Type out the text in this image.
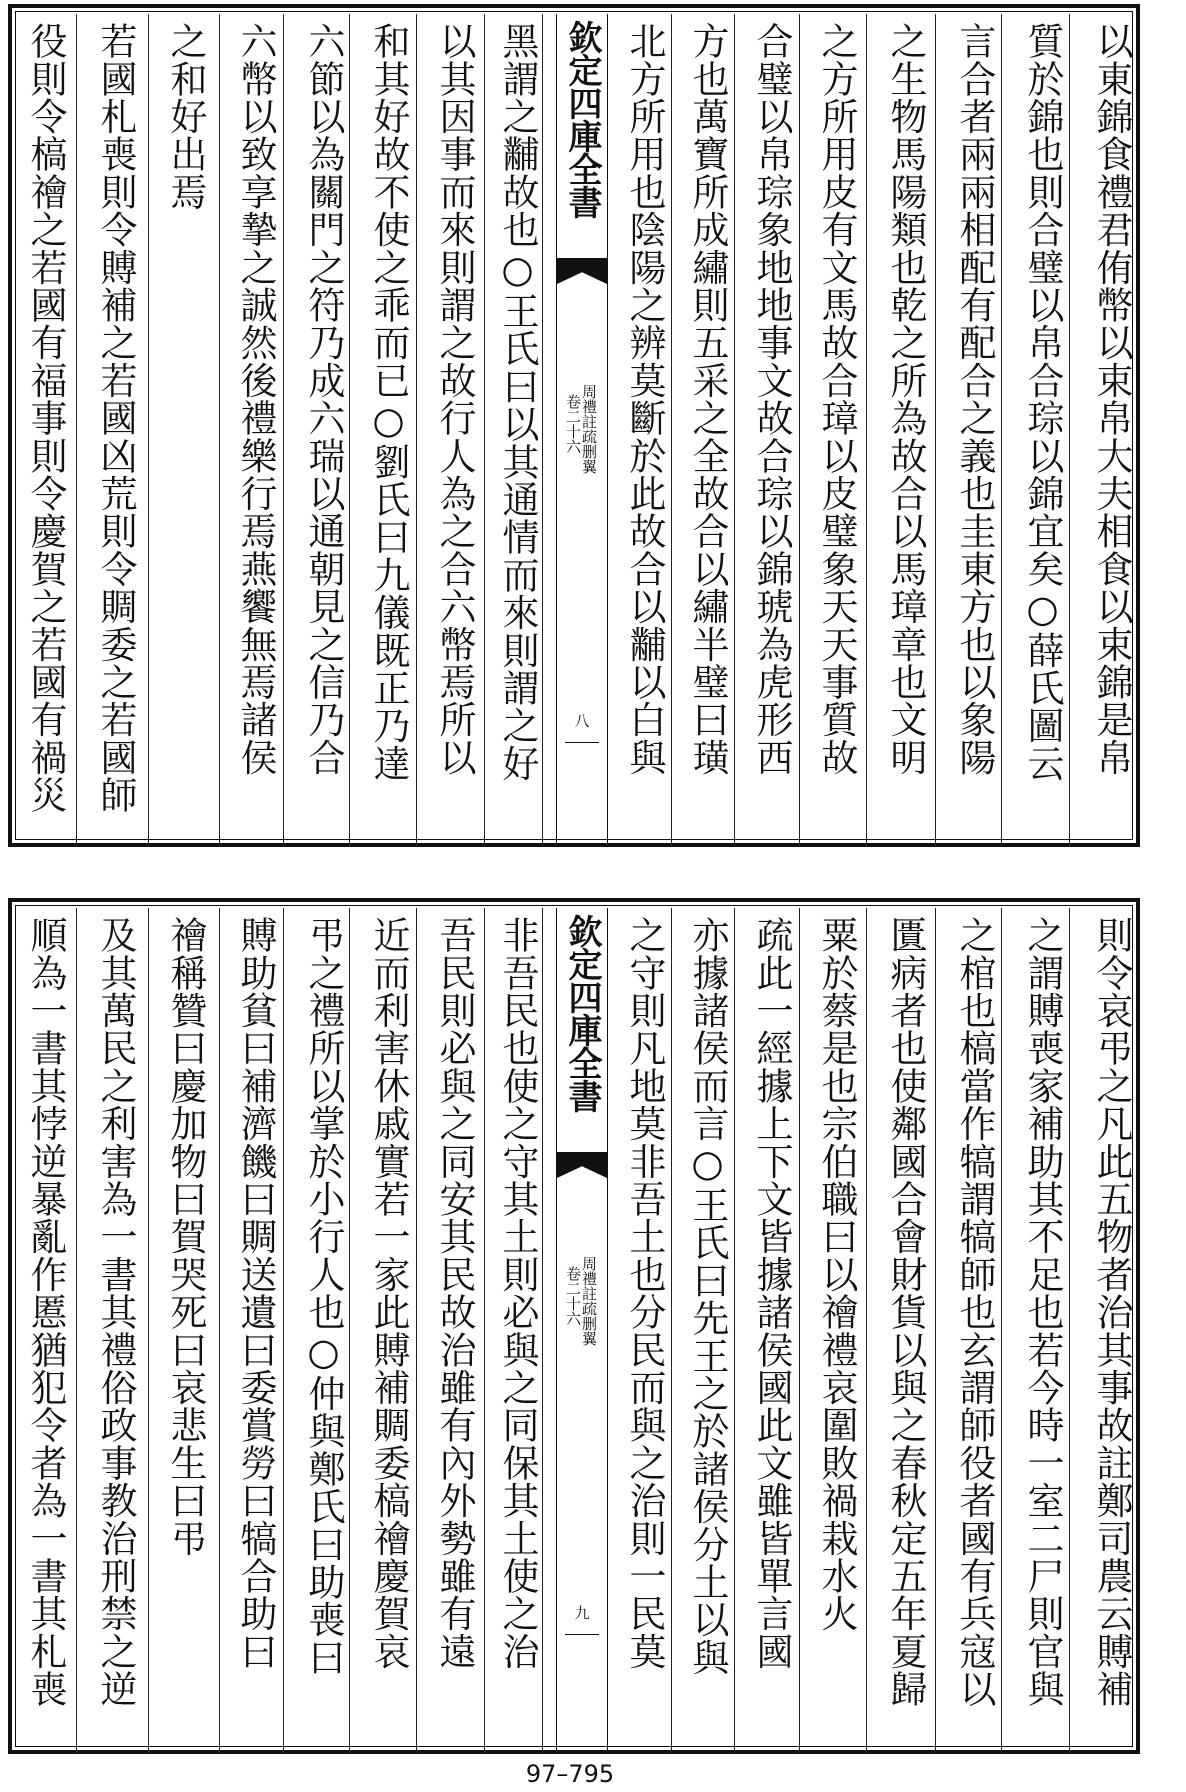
欽定四庫全書
周禮註疏删翼
卷二十六
八	以東錦食禮君侑幣以束帛大夫相食以束錦是帛
質於錦也則合璧以帛合琮以錦宜矣○薛氏圖云
言合者兩兩相配有配合之義也圭東方也以象陽
之生物馬陽類也乾之所為故合以馬璋章也文明
之方所用皮有文馬故合璋以皮璧象天天事質故
合璧以帛琮象地地事文故合琮以錦琥為虎形西
方也萬寶所成繡則五采之全故合以繡半璧曰璜
北方所用也陰陽之辨莫斷於此故合以黼以白與
黑謂之黼故也○王氏曰以其通情而來則謂之好
以其因事而來則謂之故行人為之合六幣焉所以
和其好故不使之乖而已○劉氏曰九儀既正乃達
六節以為關門之符乃成六瑞以通朝見之信乃合
六幣以致享摯之誠然後禮樂行焉燕饗無焉諸侯
之和好出焉
若國札喪則令賻補之若國凶荒則令賙委之若國師
役則令槁禬之若國有福事則令慶賀之若國有禍災
欽定四庫全書
周禮註疏删翼
卷二十六
九	則令哀弔之凡此五物者治其事故註鄭司農云賻補
之謂賻喪家補助其不足也若今時一室二尸則官與
之棺也槁當作犒謂犒師也玄謂師役者國有兵寇以
匱病者也使鄰國合會財貨以與之春秋定五年夏歸
粟於蔡是也宗伯職曰以禬禮哀圍敗禍栽水火
疏此一經據上下文皆據諸侯國此文雖皆單言國
亦據諸侯而言○王氏曰先王之於諸侯分土以與
之守則凡地莫非吾土也分民而與之治則一民莫
非吾民也使之守其土則必與之同保其土使之治
吾民則必與之同安其民故治雖有內外勢雖有遠
近而利害休戚實若一家此賻補賙委槁禬慶賀哀
弔之禮所以掌於小行人也○仲與鄭氏曰助喪曰
賻助貧曰補濟饑曰賙送遺曰委賞勞曰犒合助曰
禬稱贊曰慶加物曰賀哭死曰哀悲生曰弔
及其萬民之利害為一書其禮俗政事教治刑禁之逆
順為一書其悖逆暴亂作慝猶犯令者為一書其札喪
97–795
